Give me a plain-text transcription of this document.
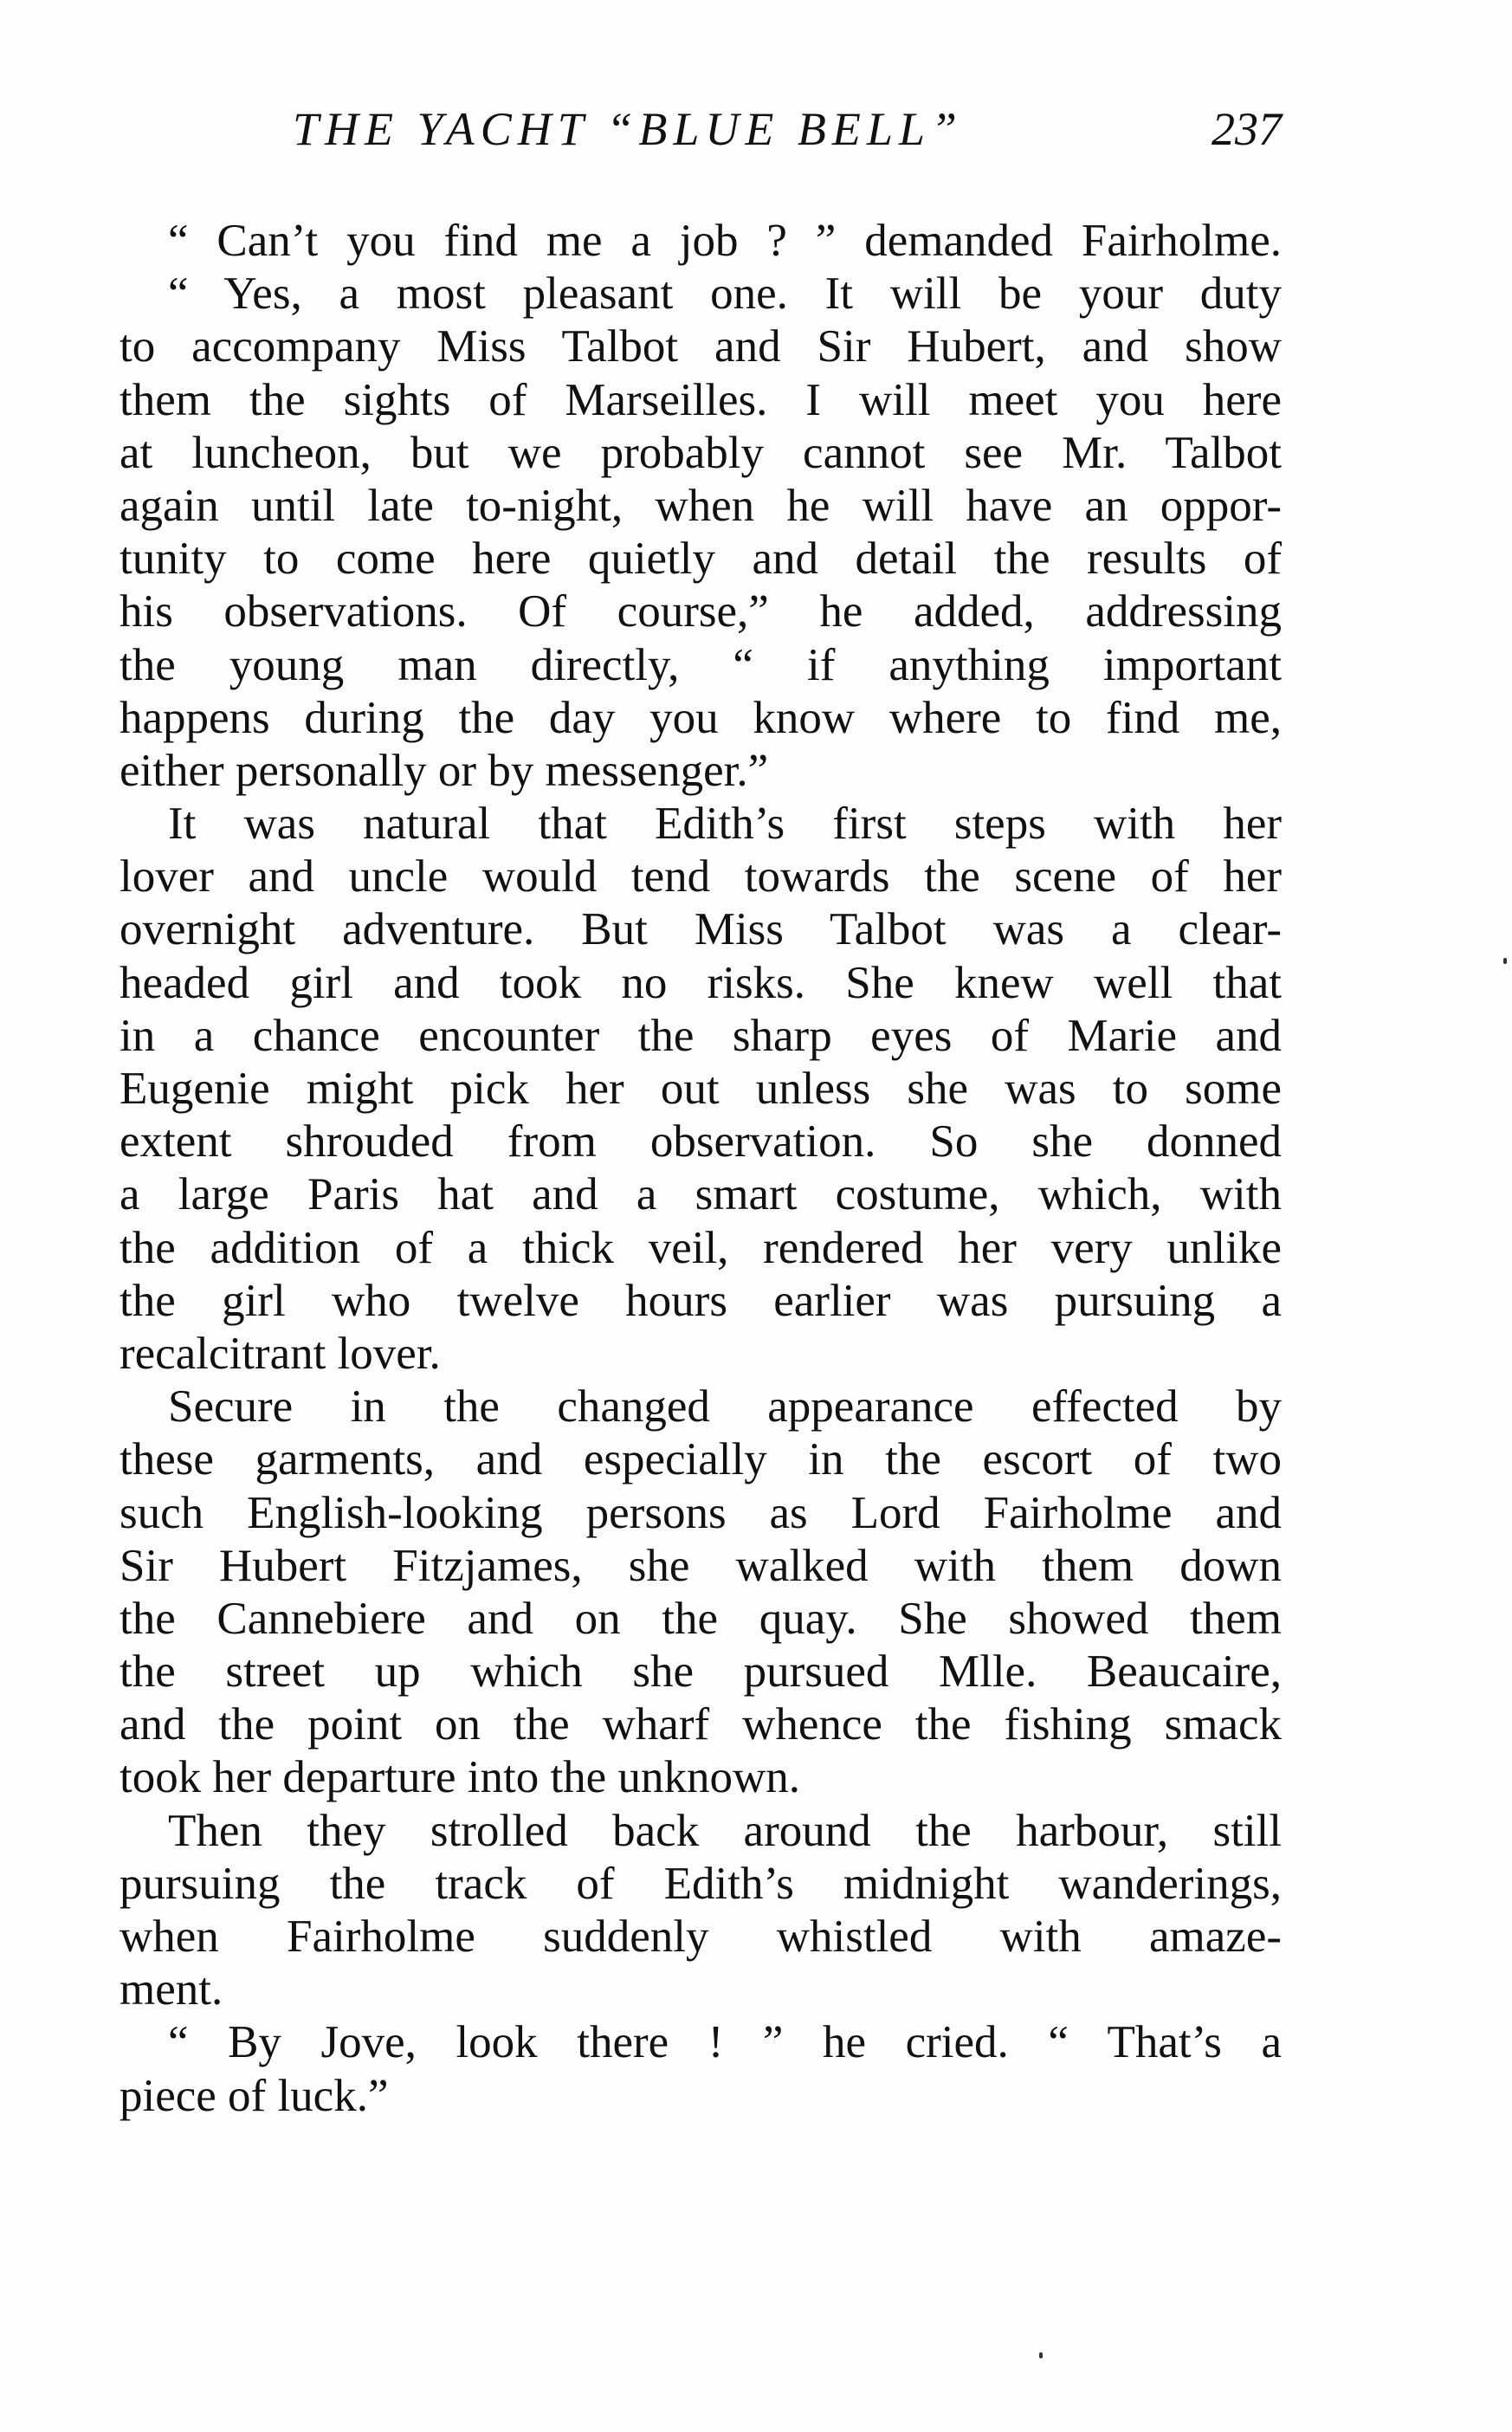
THE YACHT “BLUE BELL”	237
“ Can’t you find me a job ? ” demanded Fairholme.
“ Yes, a most pleasant one. It will be your duty
to accompany Miss Talbot and Sir Hubert, and show
them the sights of Marseilles. I will meet you here
at luncheon, but we probably cannot see Mr. Talbot
again until late to-night, when he will have an oppor-
tunity to come here quietly and detail the results of
his observations. Of course,” he added, addressing
the young man directly, “ if anything important
happens during the day you know where to find me,
either personally or by messenger.”
It was natural that Edith’s first steps with her
lover and uncle would tend towards the scene of her
overnight adventure. But Miss Talbot was a clear-
headed girl and took no risks. She knew well that
in a chance encounter the sharp eyes of Marie and
Eugenie might pick her out unless she was to some
extent shrouded from observation. So she donned
a large Paris hat and a smart costume, which, with
the addition of a thick veil, rendered her very unlike
the girl who twelve hours earlier was pursuing a
recalcitrant lover.
Secure in the changed appearance effected by
these garments, and especially in the escort of two
such English-looking persons as Lord Fairholme and
Sir Hubert Fitzjames, she walked with them down
the Cannebiere and on the quay. She showed them
the street up which she pursued Mlle. Beaucaire,
and the point on the wharf whence the fishing smack
took her departure into the unknown.
Then they strolled back around the harbour, still
pursuing the track of Edith’s midnight wanderings,
when Fairholme suddenly whistled with amaze-
ment.
“ By Jove, look there ! ” he cried. “ That’s a
piece of luck.”
